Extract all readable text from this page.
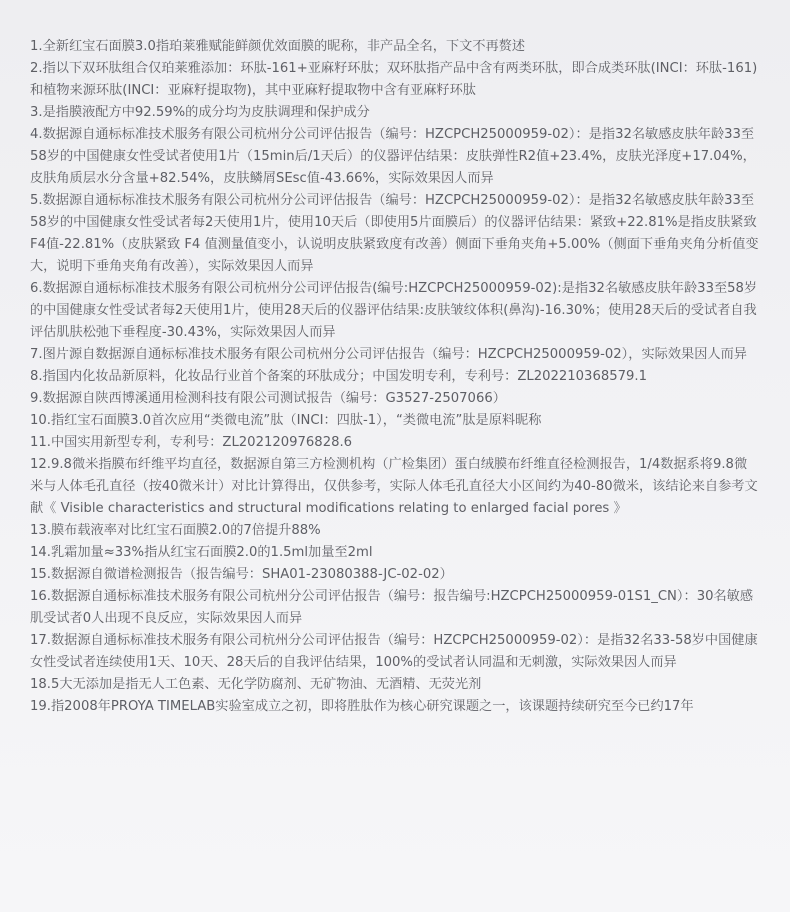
1.全新红宝石面膜3.0指珀莱雅赋能鲜颜优效面膜的昵称，非产品全名，下文不再赘述

2.指以下双环肽组合仅珀莱雅添加：环肽-161+亚麻籽环肽；双环肽指产品中含有两类环肽，即合成类环肽(INCI：环肽-161)和植物来源环肽(INCI：亚麻籽提取物)，其中亚麻籽提取物中含有亚麻籽环肽

3.是指膜液配方中92.59%的成分均为皮肤调理和保护成分

4.数据源自通标标准技术服务有限公司杭州分公司评估报告（编号：HZCPCH25000959-02）：是指32名敏感皮肤年龄33至58岁的中国健康女性受试者使用1片（15min后/1天后）的仪器评估结果：皮肤弹性R2值+23.4%，皮肤光泽度+17.04%，皮肤角质层水分含量+82.54%，皮肤鳞屑SEsc值-43.66%，实际效果因人而异

5.数据源自通标标准技术服务有限公司杭州分公司评估报告（编号：HZCPCH25000959-02）：是指32名敏感皮肤年龄33至58岁的中国健康女性受试者每2天使用1片，使用10天后（即使用5片面膜后）的仪器评估结果：紧致+22.81%是指皮肤紧致F4值-22.81%（皮肤紧致 F4 值测量值变小，认说明皮肤紧致度有改善）侧面下垂角夹角+5.00%（侧面下垂角夹角分析值变大，说明下垂角夹角有改善），实际效果因人而异

6.数据源自通标标准技术服务有限公司杭州分公司评估报告(编号:HZCPCH25000959-02):是指32名敏感皮肤年龄33至58岁的中国健康女性受试者每2天使用1片，使用28天后的仪器评估结果:皮肤皱纹体积(鼻沟)-16.30%；使用28天后的受试者自我评估肌肤松弛下垂程度-30.43%，实际效果因人而异

7.图片源自数据源自通标标准技术服务有限公司杭州分公司评估报告（编号：HZCPCH25000959-02），实际效果因人而异

8.指国内化妆品新原料，化妆品行业首个备案的环肽成分；中国发明专利，专利号：ZL202210368579.1

9.数据源自陕西博溪通用检测科技有限公司测试报告（编号：G3527-2507066）

10.指红宝石面膜3.0首次应用“类微电流”肽（INCI：四肽-1），“类微电流”肽是原料昵称

11.中国实用新型专利，专利号：ZL202120976828.6

12.9.8微米指膜布纤维平均直径，数据源自第三方检测机构（广检集团）蛋白绒膜布纤维直径检测报告，1/4数据系将9.8微米与人体毛孔直径（按40微米计）对比计算得出，仅供参考，实际人体毛孔直径大小区间约为40-80微米，该结论来自参考文献《 Visible characteristics and structural modifications relating to enlarged facial pores 》

13.膜布载液率对比红宝石面膜2.0的7倍提升88%

14.乳霜加量≈33%指从红宝石面膜2.0的1.5ml加量至2ml

15.数据源自微谱检测报告（报告编号：SHA01-23080388-JC-02-02）

16.数据源自通标标准技术服务有限公司杭州分公司评估报告（编号：报告编号:HZCPCH25000959-01S1_CN）：30名敏感肌受试者0人出现不良反应，实际效果因人而异

17.数据源自通标标准技术服务有限公司杭州分公司评估报告（编号：HZCPCH25000959-02）：是指32名33-58岁中国健康女性受试者连续使用1天、10天、28天后的自我评估结果，100%的受试者认同温和无刺激，实际效果因人而异

18.5大无添加是指无人工色素、无化学防腐剂、无矿物油、无酒精、无荧光剂

19.指2008年PROYA TIMELAB实验室成立之初，即将胜肽作为核心研究课题之一，该课题持续研究至今已约17年
